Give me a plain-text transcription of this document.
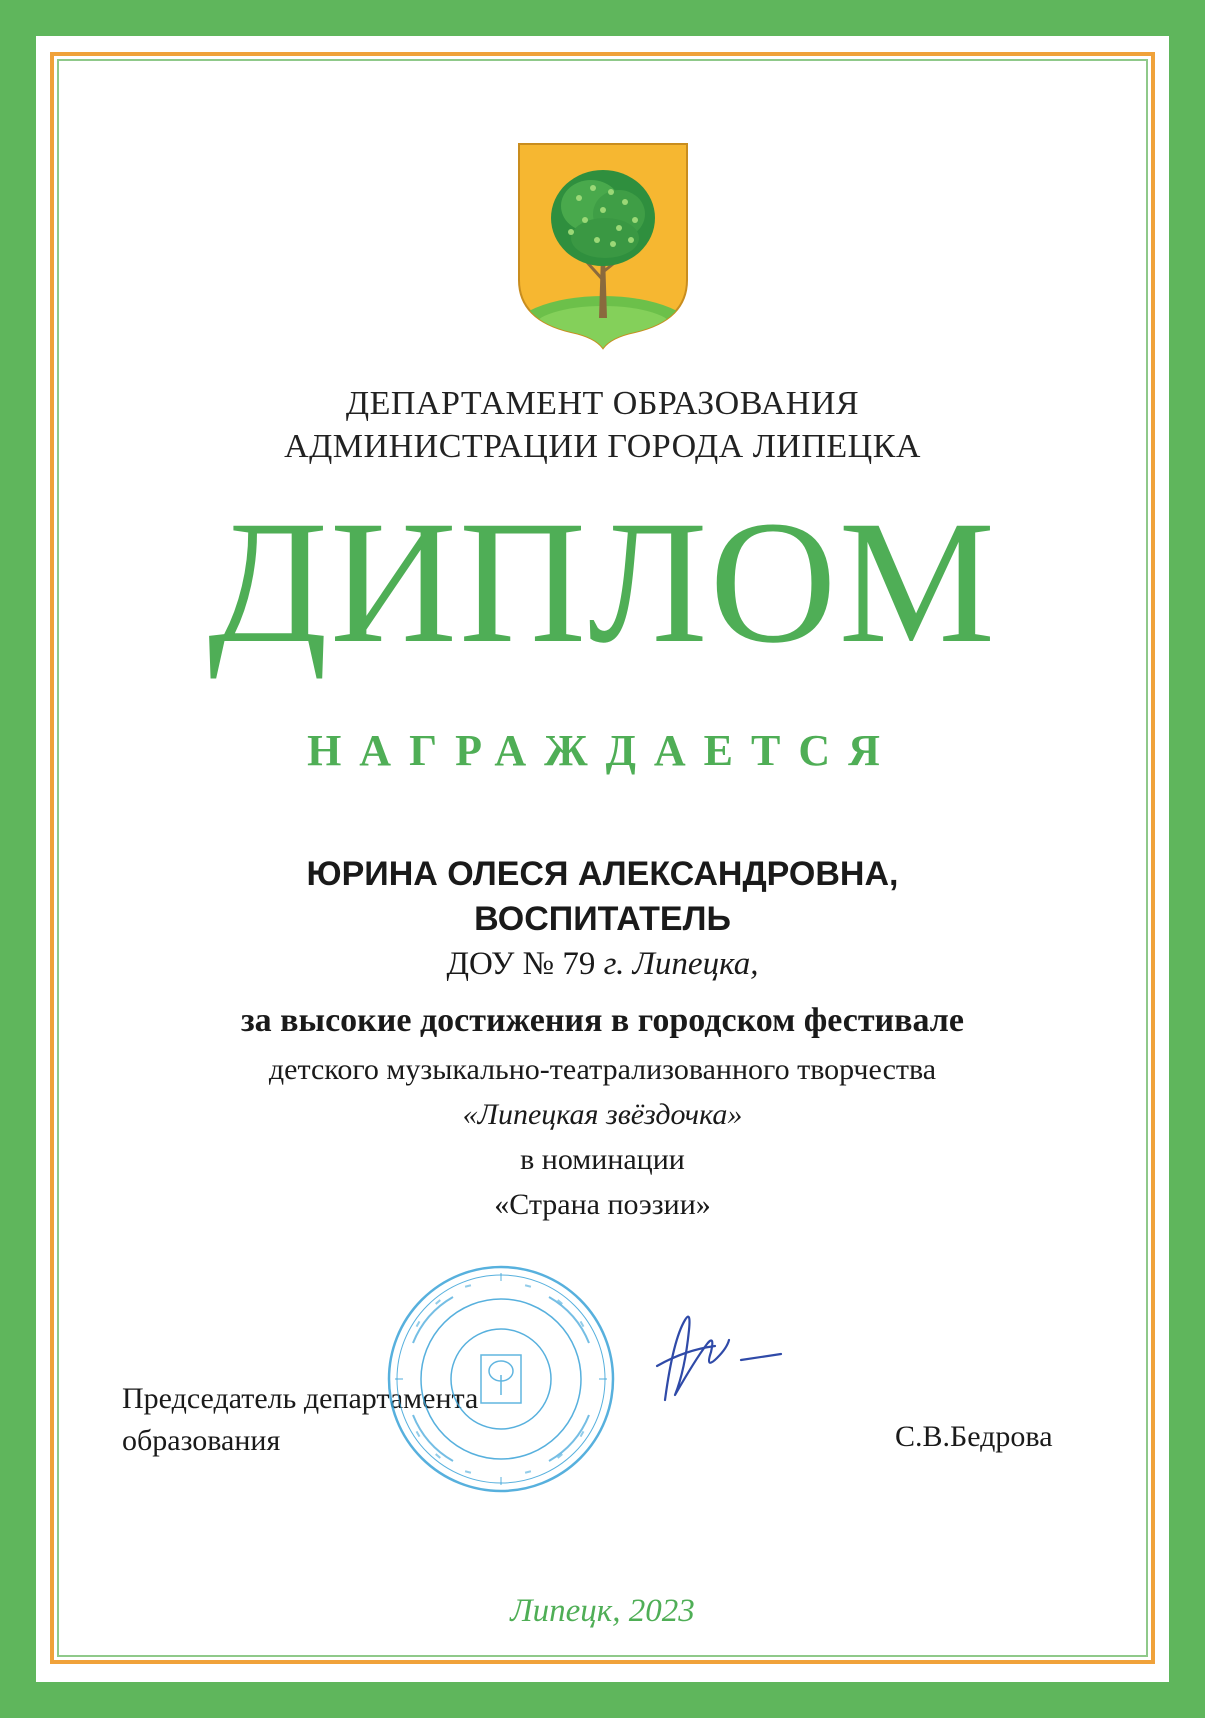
ДЕПАРТАМЕНТ ОБРАЗОВАНИЯ
АДМИНИСТРАЦИИ ГОРОДА ЛИПЕЦКА
ДИПЛОМ
НАГРАЖДАЕТСЯ
ЮРИНА ОЛЕСЯ АЛЕКСАНДРОВНА,
ВОСПИТАТЕЛЬ
ДОУ № 79 г. Липецка,
за высокие достижения в городском фестивале
детского музыкально-театрализованного творчества
«Липецкая звёздочка»
в номинации
«Страна поэзии»
Председатель департамента
образования	С.В.Бедрова
Липецк, 2023
